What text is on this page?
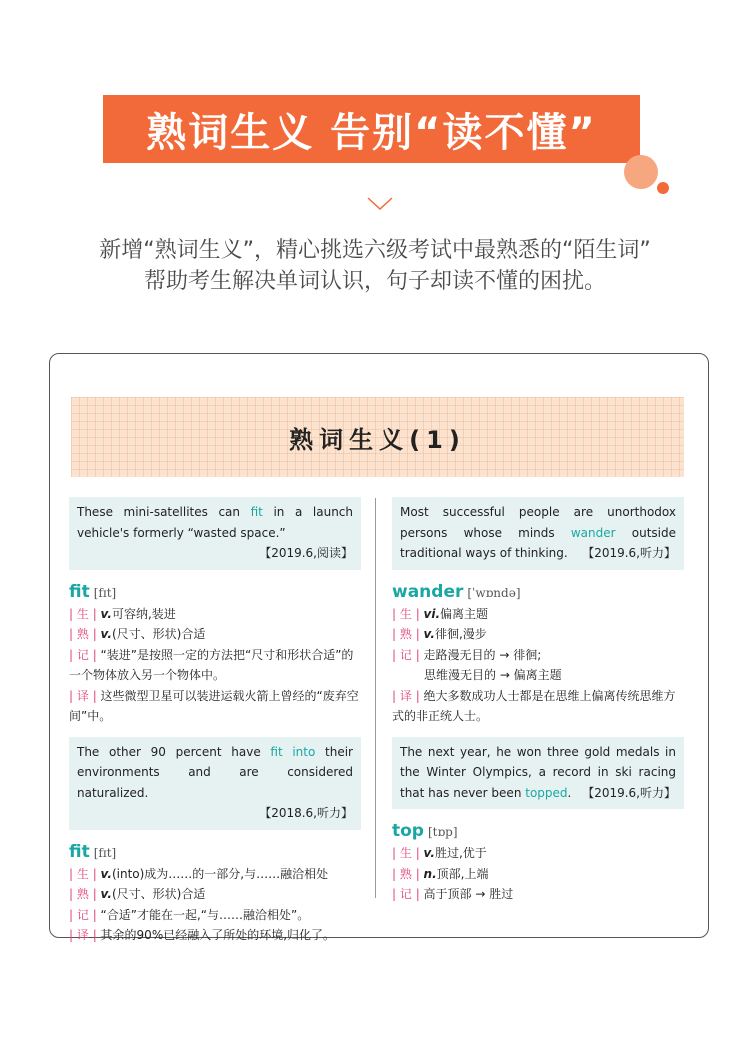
熟词生义 告别“读不懂”

新增“熟词生义”，精心挑选六级考试中最熟悉的“陌生词”

帮助考生解决单词认识，句子却读不懂的困扰。

熟词生义(1)
These mini-satellites can fit in a launch vehicle's formerly “wasted space.”
【2019.6,阅读】
fit [fɪt]
| 生 | v.可容纳,装进
| 熟 | v.(尺寸、形状)合适
| 记 | “装进”是按照一定的方法把“尺寸和形状合适”的一个物体放入另一个物体中。
| 译 | 这些微型卫星可以装进运载火箭上曾经的“废弃空间”中。
The other 90 percent have fit into their environments and are considered naturalized.
【2018.6,听力】
fit [fɪt]
| 生 | v.(into)成为……的一部分,与……融洽相处
| 熟 | v.(尺寸、形状)合适
| 记 | “合适”才能在一起,“与……融洽相处”。
| 译 | 其余的90%已经融入了所处的环境,归化了。
Most successful people are unorthodox persons whose minds wander outside traditional ways of thinking. 【2019.6,听力】
wander [ˈwɒndə]
| 生 | vi.偏离主题
| 熟 | v.徘徊,漫步
| 记 | 走路漫无目的 → 徘徊;
思维漫无目的 → 偏离主题
| 译 | 绝大多数成功人士都是在思维上偏离传统思维方式的非正统人士。
The next year, he won three gold medals in the Winter Olympics, a record in ski racing that has never been topped. 【2019.6,听力】
top [tɒp]
| 生 | v.胜过,优于
| 熟 | n.顶部,上端
| 记 | 高于顶部 → 胜过
